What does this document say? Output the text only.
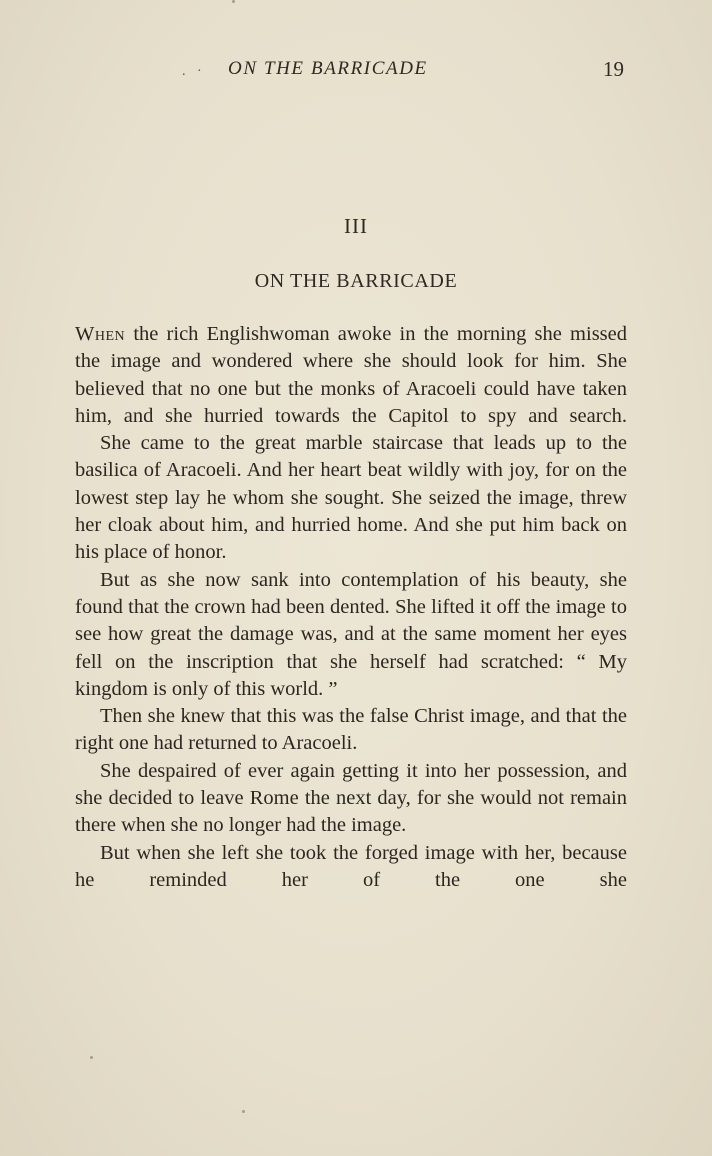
. · ON THE BARRICADE	19
III
ON THE BARRICADE

When the rich Englishwoman awoke in the morning she missed the image and wondered where she should look for him. She believed that no one but the monks of Aracoeli could have taken him, and she hurried towards the Capitol to spy and search.

She came to the great marble staircase that leads up to the basilica of Aracoeli. And her heart beat wildly with joy, for on the lowest step lay he whom she sought. She seized the image, threw her cloak about him, and hurried home. And she put him back on his place of honor.

But as she now sank into contemplation of his beauty, she found that the crown had been dented. She lifted it off the image to see how great the damage was, and at the same moment her eyes fell on the inscription that she herself had scratched: “ My kingdom is only of this world. ”

Then she knew that this was the false Christ image, and that the right one had returned to Aracoeli.

She despaired of ever again getting it into her possession, and she decided to leave Rome the next day, for she would not remain there when she no longer had the image.

But when she left she took the forged image with her, because he reminded her of the one she
